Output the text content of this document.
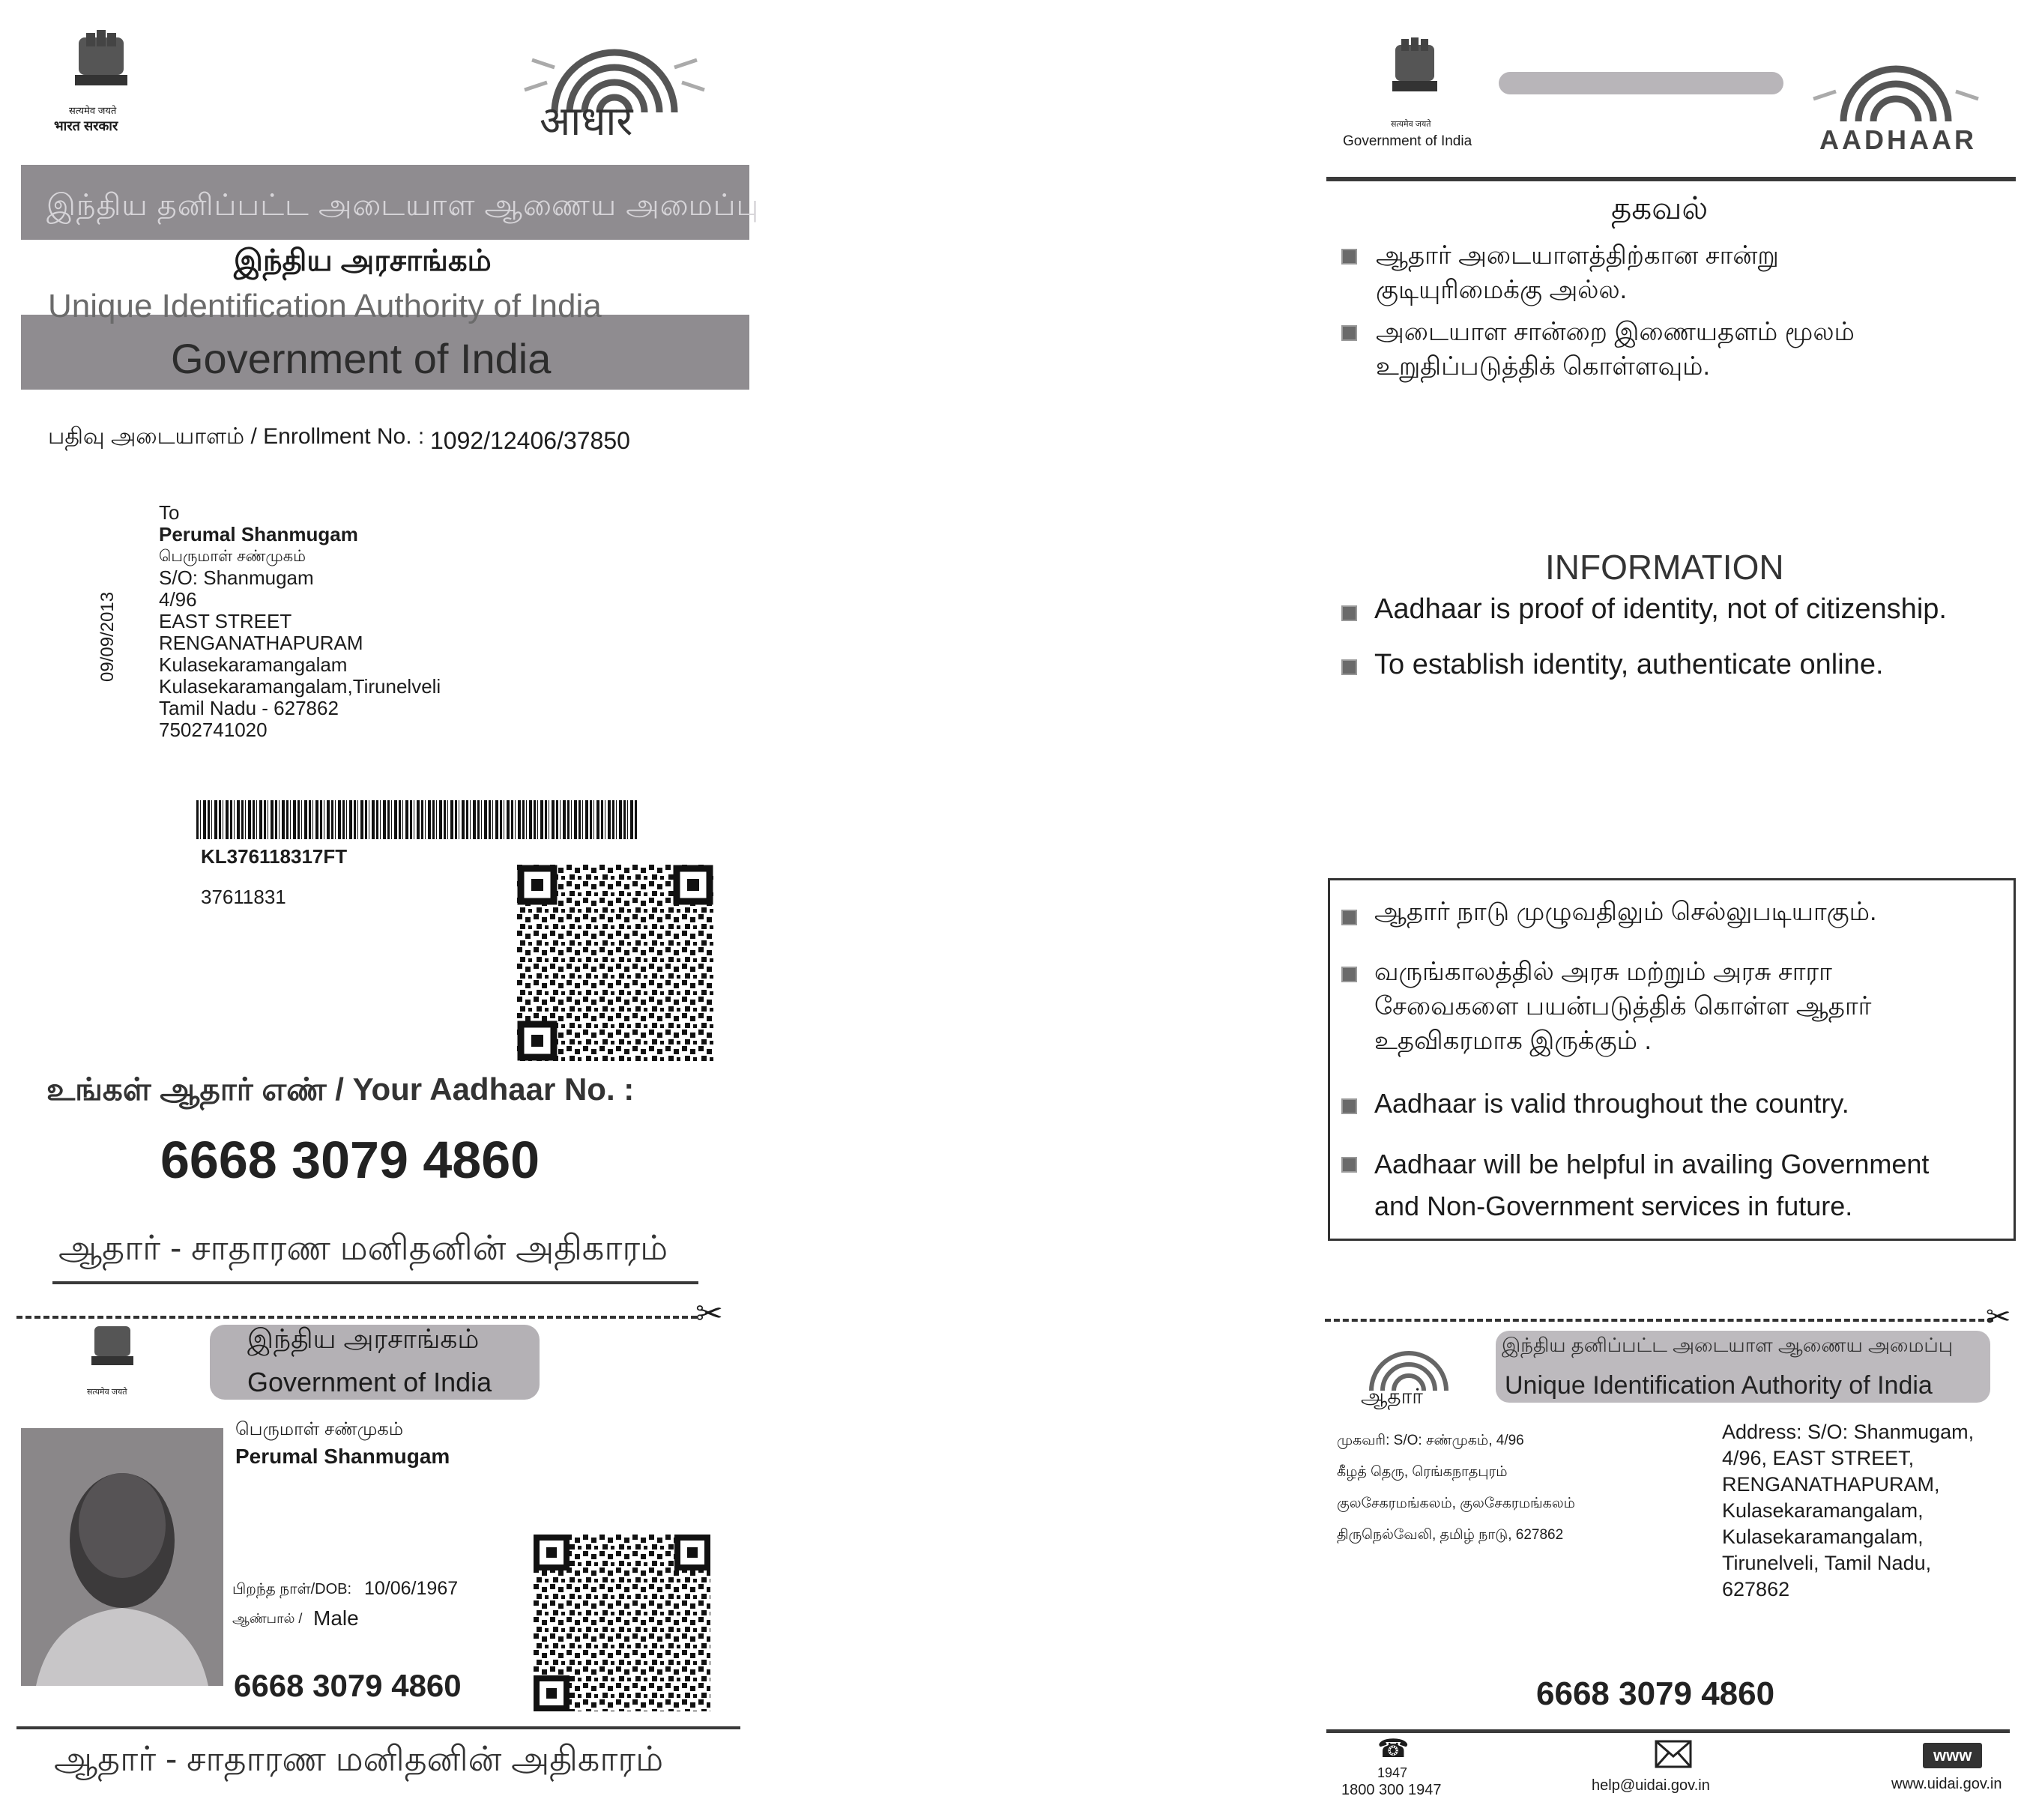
सत्यमेव जयते
भारत सरकार	आधार
இந்திய தனிப்பட்ட அடையாள ஆணைய அமைப்பு
இந்திய அரசாங்கம்
Unique Identification Authority of India
Government of India
பதிவு அடையாளம் / Enrollment No. : 1092/12406/37850
09/09/2013
To
Perumal Shanmugam
பெருமாள் சண்முகம்
S/O: Shanmugam
4/96
EAST STREET
RENGANATHAPURAM
Kulasekaramangalam
Kulasekaramangalam,Tirunelveli
Tamil Nadu - 627862
7502741020
KL376118317FT
37611831
உங்கள் ஆதார் எண் / Your Aadhaar No. :
6668 3079 4860
ஆதார் - சாதாரண மனிதனின் அதிகாரம்
✂
सत्यमेव जयते
இந்திய அரசாங்கம்
Government of India
பெருமாள் சண்முகம்
Perumal Shanmugam
பிறந்த நாள்/DOB: 10/06/1967
ஆண்பால் / Male
6668 3079 4860
ஆதார் - சாதாரண மனிதனின் அதிகாரம்
सत्यमेव जयते
Government of India	AADHAAR
தகவல்
ஆதார் அடையாளத்திற்கான சான்று
குடியுரிமைக்கு அல்ல.
அடையாள சான்றை இணையதளம் மூலம்
உறுதிப்படுத்திக் கொள்ளவும்.
INFORMATION
Aadhaar is proof of identity, not of citizenship.
To establish identity, authenticate online.
ஆதார் நாடு முழுவதிலும் செல்லுபடியாகும்.
வருங்காலத்தில் அரசு மற்றும் அரசு சாரா
சேவைகளை பயன்படுத்திக் கொள்ள ஆதார்
உதவிகரமாக இருக்கும் .
Aadhaar is valid throughout the country.
Aadhaar will be helpful in availing Government
and Non-Government services in future.
✂
ஆதார்
இந்திய தனிப்பட்ட அடையாள ஆணைய அமைப்பு
Unique Identification Authority of India
முகவரி: S/O: சண்முகம், 4/96
கீழத் தெரு, ரெங்கநாதபுரம்
குலசேகரமங்கலம், குலசேகரமங்கலம்
திருநெல்வேலி, தமிழ் நாடு, 627862
Address: S/O: Shanmugam,
4/96, EAST STREET,
RENGANATHAPURAM,
Kulasekaramangalam,
Kulasekaramangalam,
Tirunelveli, Tamil Nadu,
627862
6668 3079 4860
☎
1947
1800 300 1947	help@uidai.gov.in
www
www.uidai.gov.in
